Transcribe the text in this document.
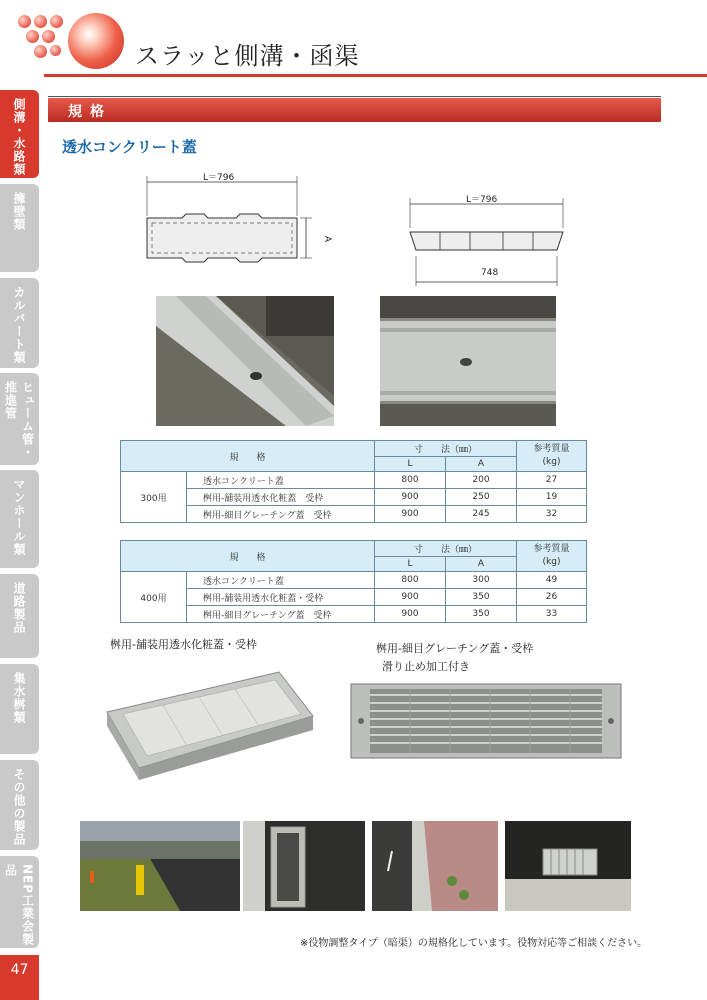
スラッと側溝・函渠
側溝・水路類
擁壁類
カルバート類
ヒューム管・推進管
マンホール類
道路製品
集水桝類
その他の製品
NEP工業会製品
47
規格
透水コンクリート蓋
L＝796
A
L＝796
748
規　　格		寸　　法（㎜）		参考質量
(kg)
		L	A	
300用	透水コンクリート蓋	800	200	27
	桝用-舗装用透水化粧蓋　受枠	900	250	19
	桝用-細目グレーチング蓋　受枠	900	245	32
規　　格		寸　　法（㎜）		参考質量
(kg)
		L	A	
400用	透水コンクリート蓋	800	300	49
	桝用-舗装用透水化粧蓋・受枠	900	350	26
	桝用-細目グレーチング蓋　受枠	900	350	33
桝用-舗装用透水化粧蓋・受枠	桝用-細目グレーチング蓋・受枠
滑り止め加工付き
※役物調整タイプ（暗渠）の規格化しています。役物対応等ご相談ください。
